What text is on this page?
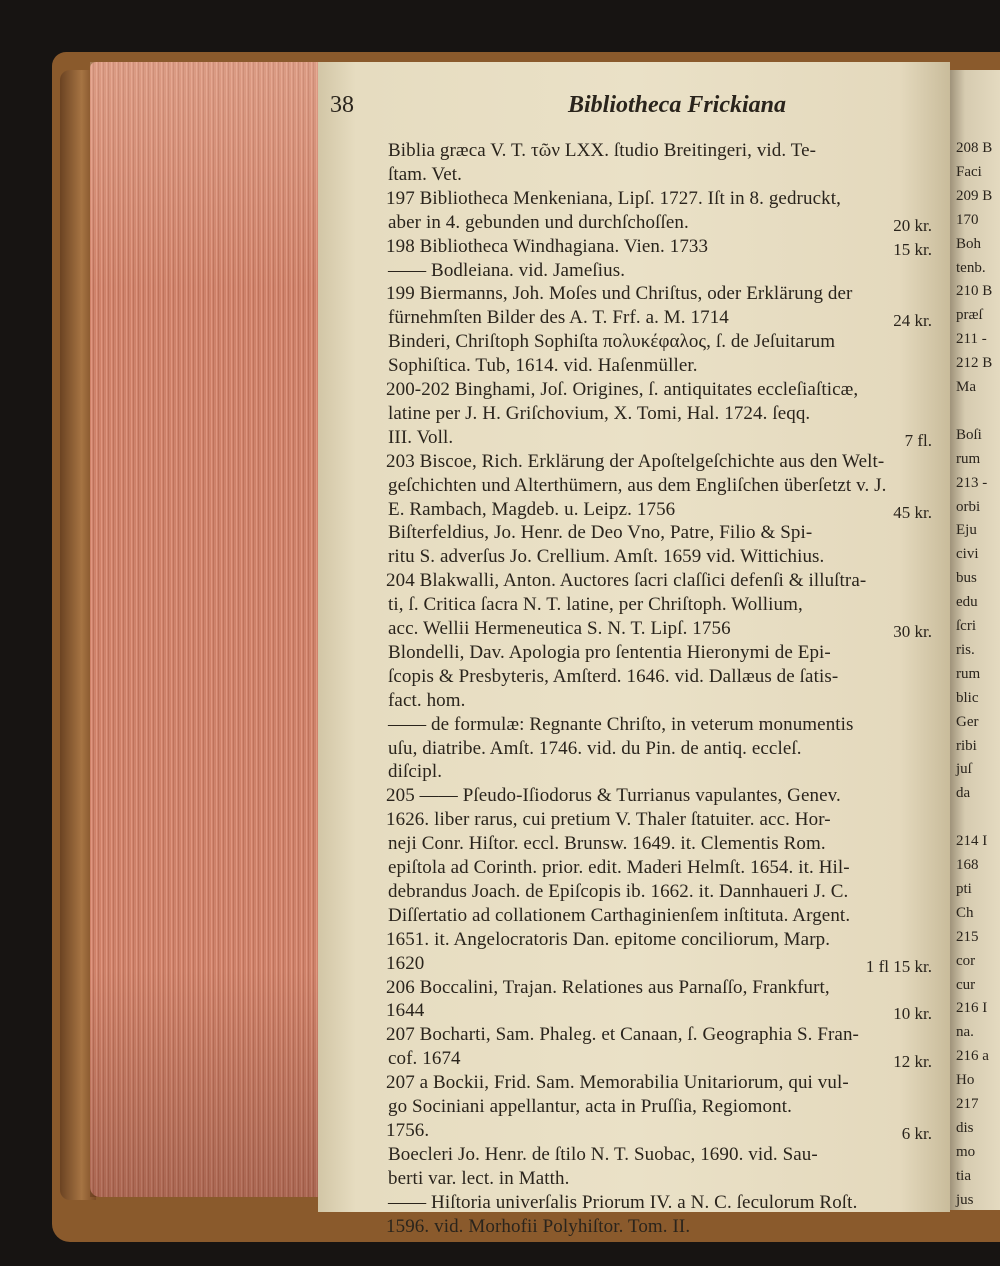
38	Bibliotheca Frickiana
Biblia græca V. T. τῶν LXX. ſtudio Breitingeri, vid. Te-
ſtam. Vet.
197 Bibliotheca Menkeniana, Lipſ. 1727. Iſt in 8. gedruckt,
aber in 4. gebunden und durchſchoſſen.
198 Bibliotheca Windhagiana. Vien. 1733
—— Bodleiana. vid. Jameſius.
199 Biermanns, Joh. Moſes und Chriſtus, oder Erklärung der
fürnehmſten Bilder des A. T. Frf. a. M. 1714
Binderi, Chriſtoph Sophiſta πολυκέφαλος, ſ. de Jeſuitarum
Sophiſtica. Tub, 1614. vid. Haſenmüller.
200-202 Binghami, Joſ. Origines, ſ. antiquitates eccleſiaſticæ,
latine per J. H. Griſchovium, X. Tomi, Hal. 1724. ſeqq.
III. Voll.
203 Biscoe, Rich. Erklärung der Apoſtelgeſchichte aus den Welt-
geſchichten und Alterthümern, aus dem Engliſchen überſetzt v. J.
E. Rambach, Magdeb. u. Leipz. 1756
Biſterfeldius, Jo. Henr. de Deo Vno, Patre, Filio & Spi-
ritu S. adverſus Jo. Crellium. Amſt. 1659 vid. Wittichius.
204 Blakwalli, Anton. Auctores ſacri claſſici defenſi & illuſtra-
ti, ſ. Critica ſacra N. T. latine, per Chriſtoph. Wollium,
acc. Wellii Hermeneutica S. N. T. Lipſ. 1756
Blondelli, Dav. Apologia pro ſententia Hieronymi de Epi-
ſcopis & Presbyteris, Amſterd. 1646. vid. Dallæus de ſatis-
fact. hom.
—— de formulæ: Regnante Chriſto, in veterum monumentis
uſu, diatribe. Amſt. 1746. vid. du Pin. de antiq. eccleſ.
diſcipl.
205 —— Pſeudo-Iſiodorus & Turrianus vapulantes, Genev.
1626. liber rarus, cui pretium V. Thaler ſtatuiter. acc. Hor-
neji Conr. Hiſtor. eccl. Brunsw. 1649. it. Clementis Rom.
epiſtola ad Corinth. prior. edit. Maderi Helmſt. 1654. it. Hil-
debrandus Joach. de Epiſcopis ib. 1662. it. Dannhaueri J. C.
Diſſertatio ad collationem Carthaginienſem inſtituta. Argent.
1651. it. Angelocratoris Dan. epitome conciliorum, Marp.
1620
206 Boccalini, Trajan. Relationes aus Parnaſſo, Frankfurt,
1644
207 Bocharti, Sam. Phaleg. et Canaan, ſ. Geographia S. Fran-
cof. 1674
207 a Bockii, Frid. Sam. Memorabilia Unitariorum, qui vul-
go Sociniani appellantur, acta in Pruſſia, Regiomont.
1756.
Boecleri Jo. Henr. de ſtilo N. T. Suobac, 1690. vid. Sau-
berti var. lect. in Matth.
—— Hiſtoria univerſalis Priorum IV. a N. C. ſeculorum Roſt.
1596. vid. Morhofii Polyhiſtor. Tom. II.
20 kr.
15 kr.
24 kr.
7 fl.
45 kr.
30 kr.
1 fl 15 kr.
10 kr.
12 kr.
6 kr.
208 B
Faci
209 B
170
Boh
tenb.
210 B
præſ
211 -
212 B
Ma
Boſi
rum
213 -
orbi
Eju
civi
bus
edu
ſcri
ris.
rum
blic
Ger
ribi
juſ
da
214 I
168
pti
Ch
215
cor
cur
216 I
na.
216 a
Ho
217
dis
mo
tia
jus
